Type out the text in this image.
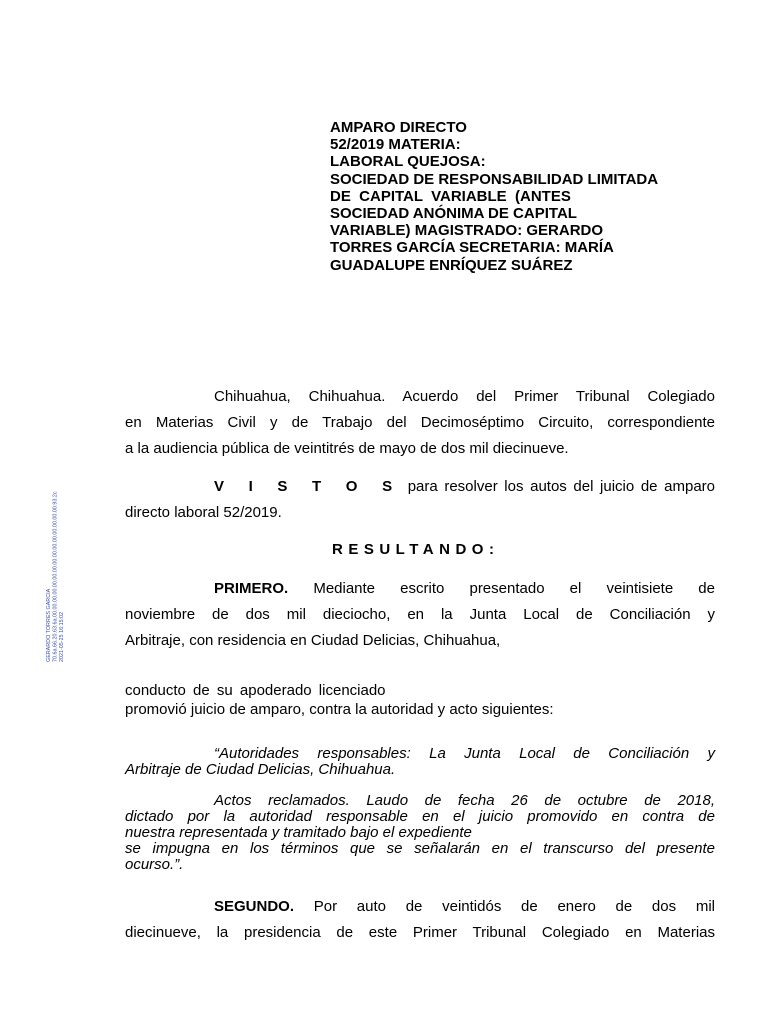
AMPARO DIRECTO
52/2019 MATERIA:
LABORAL QUEJOSA:
SOCIEDAD DE RESPONSABILIDAD LIMITADA
DE  CAPITAL  VARIABLE  (ANTES
SOCIEDAD ANÓNIMA DE CAPITAL
VARIABLE) MAGISTRADO: GERARDO
TORRES GARCÍA SECRETARIA: MARÍA
GUADALUPE ENRÍQUEZ SUÁREZ
GERARDO TORRES GARCIA 70.6a.66.20.63.6a.00.00.00.00.00.00.00.00.00.00.00.00.00.00.00.93.2c 2021-05-25 16:15:02
Chihuahua, Chihuahua. Acuerdo del Primer Tribunal Colegiado
en Materias Civil y de Trabajo del Decimoséptimo Circuito, correspondiente
a la audiencia pública de veintitrés de mayo de dos mil diecinueve.
V I S T O S para resolver los autos del juicio de amparo
directo laboral 52/2019.
RESULTANDO:
PRIMERO. Mediante escrito presentado el veintisiete de
noviembre de dos mil dieciocho, en la Junta Local de Conciliación y
Arbitraje, con residencia en Ciudad Delicias, Chihuahua,
conducto de su apoderado licenciado
promovió juicio de amparo, contra la autoridad y acto siguientes:
“Autoridades responsables: La Junta Local de Conciliación y
Arbitraje de Ciudad Delicias, Chihuahua.
Actos reclamados. Laudo de fecha 26 de octubre de 2018,
dictado por la autoridad responsable en el juicio promovido en contra de
nuestra representada y tramitado bajo el expediente
se impugna en los términos que se señalarán en el transcurso del presente
ocurso.”.
SEGUNDO. Por auto de veintidós de enero de dos mil
diecinueve, la presidencia de este Primer Tribunal Colegiado en Materias
